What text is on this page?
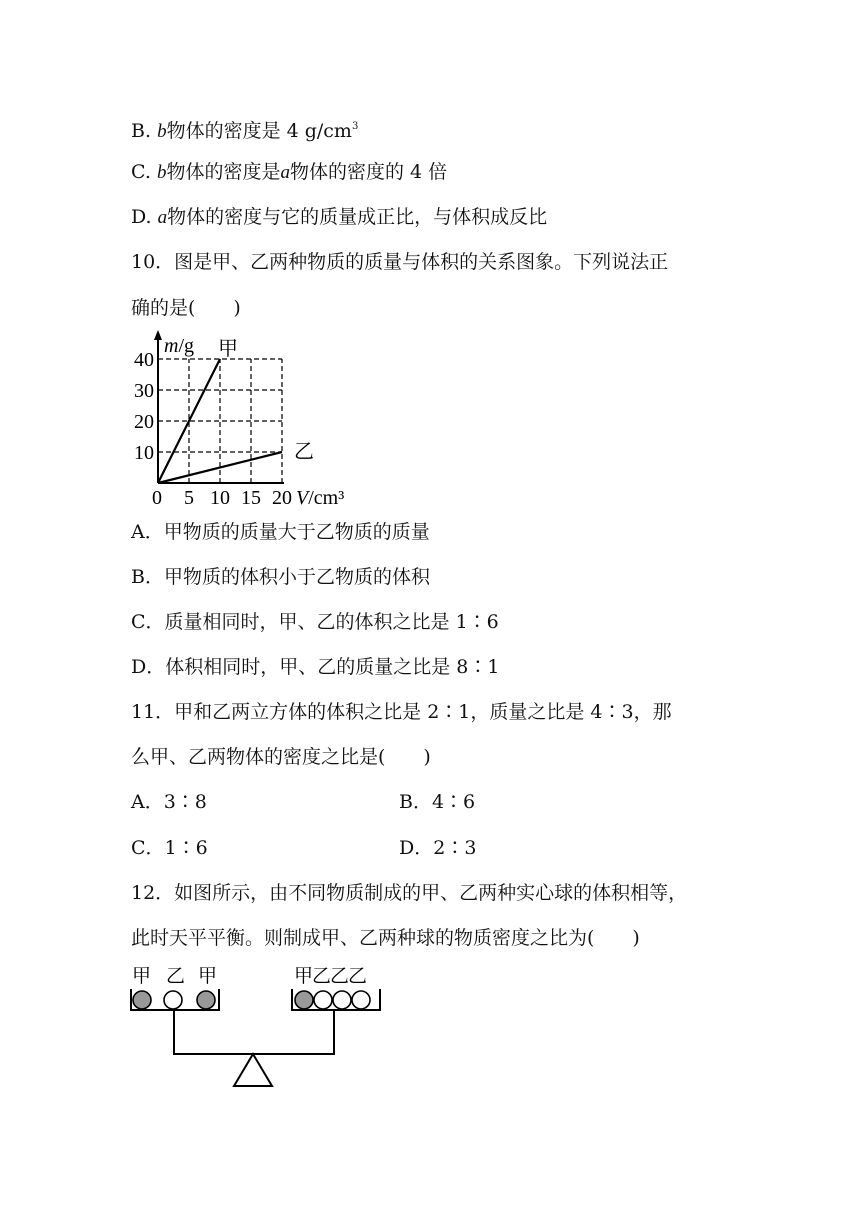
B. b物体的密度是 4 $g/cm^3$
C. b物体的密度是a物体的密度的 4 倍
D. a物体的密度与它的质量成正比，与体积成反比
10．图是甲、乙两种物质的质量与体积的关系图象。下列说法正
确的是(　　)
m/g
V/cm³
0 5 10 15 20
10
20
30
40	甲
乙
A．甲物质的质量大于乙物质的质量
B．甲物质的体积小于乙物质的体积
C．质量相同时，甲、乙的体积之比是 1∶6
D．体积相同时，甲、乙的质量之比是 8∶1
11．甲和乙两立方体的体积之比是 2∶1，质量之比是 4∶3，那
么甲、乙两物体的密度之比是(　　)
A．3∶8	B．4∶6
C．1∶6	D．2∶3
12．如图所示，由不同物质制成的甲、乙两种实心球的体积相等，
此时天平平衡。则制成甲、乙两种球的物质密度之比为(　　)
甲 乙 甲	甲乙乙乙
